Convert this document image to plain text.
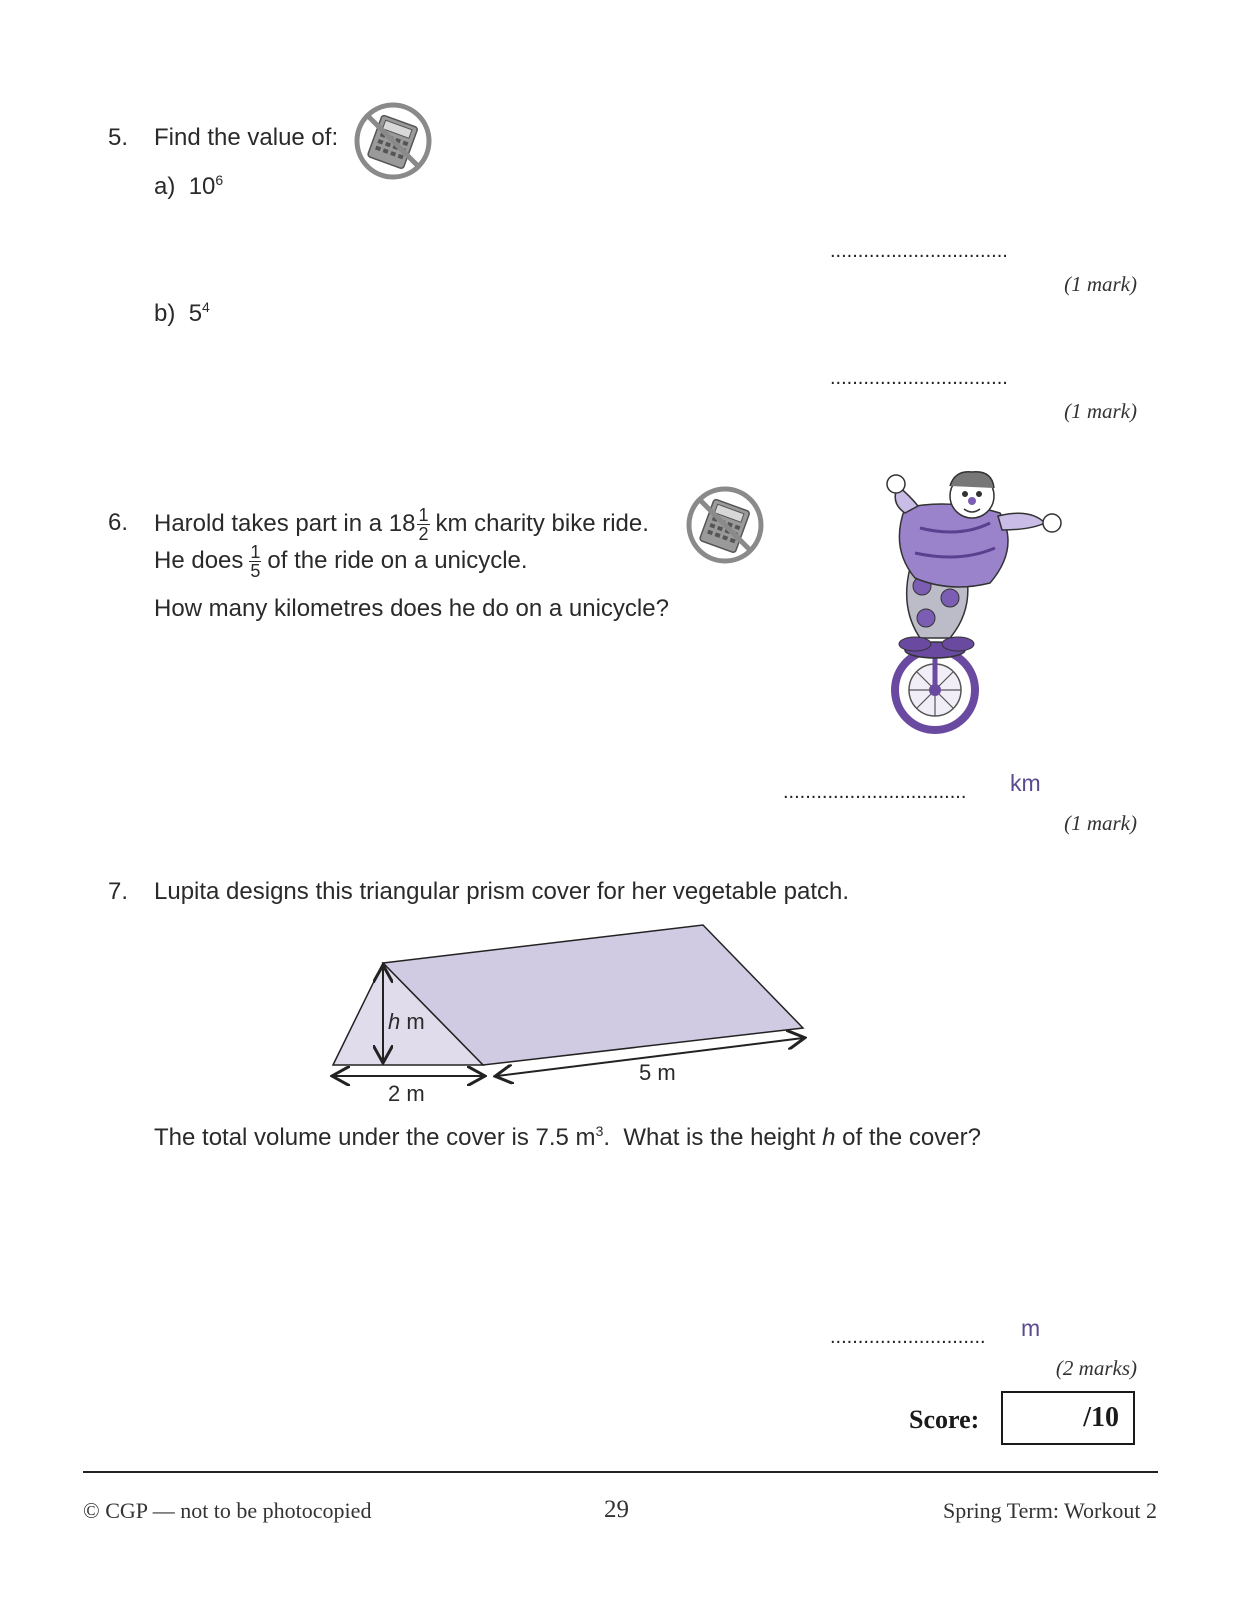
5. Find the value of:
a) $10^6$
................................
(1 mark)
b) $5^4$
................................
(1 mark)
6. Harold takes part in a $18 \frac{1}{2}$ km charity bike ride.
He does $\frac{1}{5}$ of the ride on a unicycle.
How many kilometres does he do on a unicycle?
................................. km
(1 mark)
7. Lupita designs this triangular prism cover for her vegetable patch.
h m
2 m
5 m
The total volume under the cover is 7.5 $m^3$.  What is the height h of the cover?
............................ m
(2 marks)
Score:	/10
© CGP — not to be photocopied	29	Spring Term: Workout 2
